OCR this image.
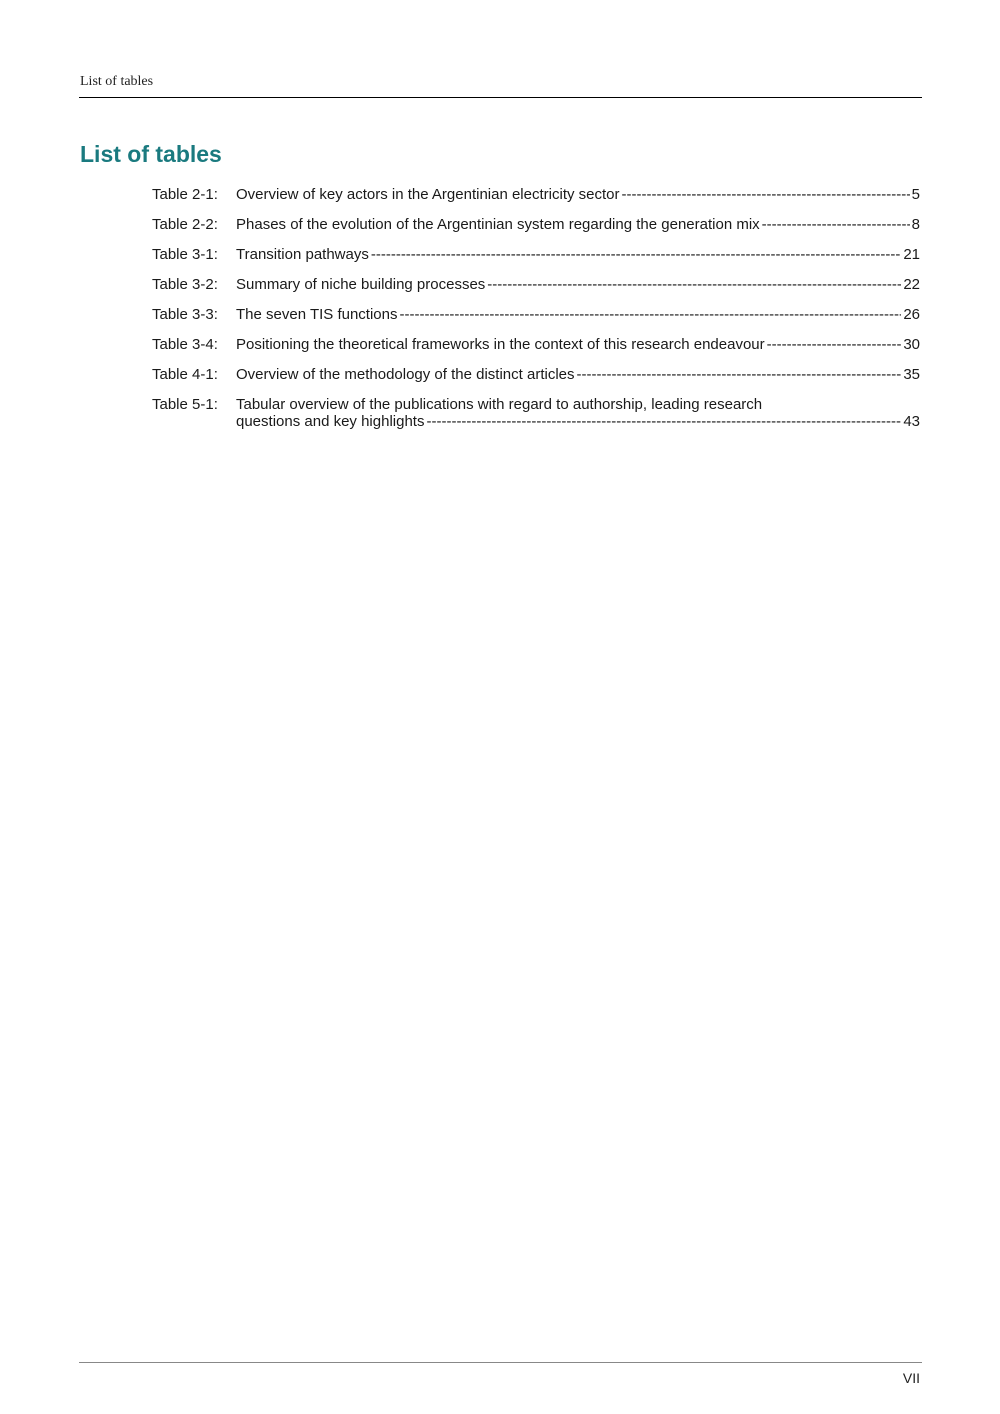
List of tables
List of tables
Table 2-1:	Overview of key actors in the Argentinian electricity sector -----	5
Table 2-2:	Phases of the evolution of the Argentinian system regarding the generation mix -----	8
Table 3-1:	Transition pathways -----	21
Table 3-2:	Summary of niche building processes -----	22
Table 3-3:	The seven TIS functions -----	26
Table 3-4:	Positioning the theoretical frameworks in the context of this research endeavour -----	30
Table 4-1:	Overview of the methodology of the distinct articles -----	35
Table 5-1:	Tabular overview of the publications with regard to authorship, leading research
questions and key highlights -----	43
VII
